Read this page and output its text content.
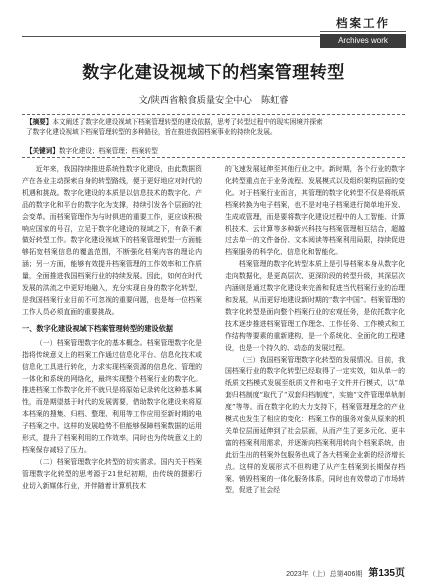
档案工作
Archives work
数字化建设视域下的档案管理转型
文/陕西省粮食质量安全中心　陈虹睿
【摘要】本文阐述了数字化建设视域下档案管理转型的建设依据，思考了转型过程中的现实困境并探索
了数字化建设视域下档案管理转型的多种路径，旨在推进我国档案事业的持续化发展。
【关键词】数字化建设；档案管理；档案转型

近年来，我国持续推进系统性数字化建设，由此数据资产在各业主动探索自身的转型路线，便于更好地应对时代的机遇和挑战。数字化建设的本质是以信息技术的数字化、产品的数字化和平台的数字化为支撑，持续引发各个层面的社会变革。而档案管理作为与时俱进的重要工作，更应该积极响应国家的号召，立足于数字化建设的视域之下，有条不紊做好转型工作。数字化建设视域下的档案管理转型一方面能够拓宽档案信息的覆盖范围，不断强化档案内容的理论内涵；另一方面，能够有效提升档案管理的工作效率和工作质量，全面推进我国档案行业的持续发展。因此，如何在时代发展的洪流之中更好地融入，充分实现自身的数字化转型，是我国档案行业目前不可忽视的重要问题，也是每一位档案工作人员必须直面的重要挑战。

一、数字化建设视域下档案管理转型的建设依据

（一）档案管理数字化的基本概念。档案管理数字化是指将传统意义上的档案工作通过信息化平台、信息化技术或信息化工具进行转化，力求实现档案资源的信息化、管理的一体化和系统的网络化，最终实现整个档案行业的数字化。推进档案工作数字化并不就只是将原始记录转化这种基本属性，而是期望基于时代的发展需要，借助数字化建设来将原本档案的搜集、归档、整理、利用等工作应用至新时期的电子档案之中。这样的发展趋势不但能够保障档案数据的运用形式，提升了档案利用的工作效率，同时也为传统意义上的档案保存减轻了压力。

（二）档案管理数字化转型的切实需求。国内关于档案管理数字化转型的思考源于21世纪初期，由传统的摄影行业切入新媒体行业，并伴随着计算机技术

的飞速发展延伸至其他行业之中。新时期，各个行业的数字化转型重点在于业务流程、发展模式以及组织架构层面的变化。对于档案行业而言，其管理的数字化转型不仅是将纸质档案转换为电子档案，也不是对电子档案进行简单地开发、生成或管理，而是要将数字化建设过程中的人工智能、计算机技术、云计算等多种新兴科技与档案管理相互结合，超越过去单一的文件备份、文本阅读等档案利用局限，持续促进档案服务的科学化、信息化和智能化。

档案管理的数字化转型本质上是引导档案本身从数字化走向数据化，是更高层次、更深阶段的转型升级，其深层次内涵则是通过数字化建设来完善和促进当代档案行业的治理和发展，从而更好地建设新时期的“数字中国”。档案管理的数字化转型是面向整个档案行业的宏观任务，是依托数字化技术逐步推进档案管理工作理念、工作任务、工作模式和工作结构等要素的重新建构，是一个系统化、全面化的工程建设，也是一个持久的、动态的发展过程。

（三）我国档案管理数字化转型的发展情况。目前，我国档案行业的数字化转型已经取得了一定实效，如从单一的纸质文档模式发展至纸质文件和电子文件并行模式，以“单套归档制度”取代了“双套归档制度”，实施“文件管理单轨制度”等等。而在数字化的大力支持下，档案管理理念的产业模式也发生了相应的变化：档案工作的服务对象从原来的机关单位层面延伸到了社会层面，从而产生了更多元化、更丰富的档案利用需求，并逐渐向档案利用转向个档案系统，由此衍生出的档案外包服务也成了各大档案企业新的经济增长点。这样的发展形式不但构建了从产生档案到长期保存档案、销毁档案的一体化服务体系，同时也有效带动了市场转型，促进了社会经

2023年（上）总第406期 第135页
